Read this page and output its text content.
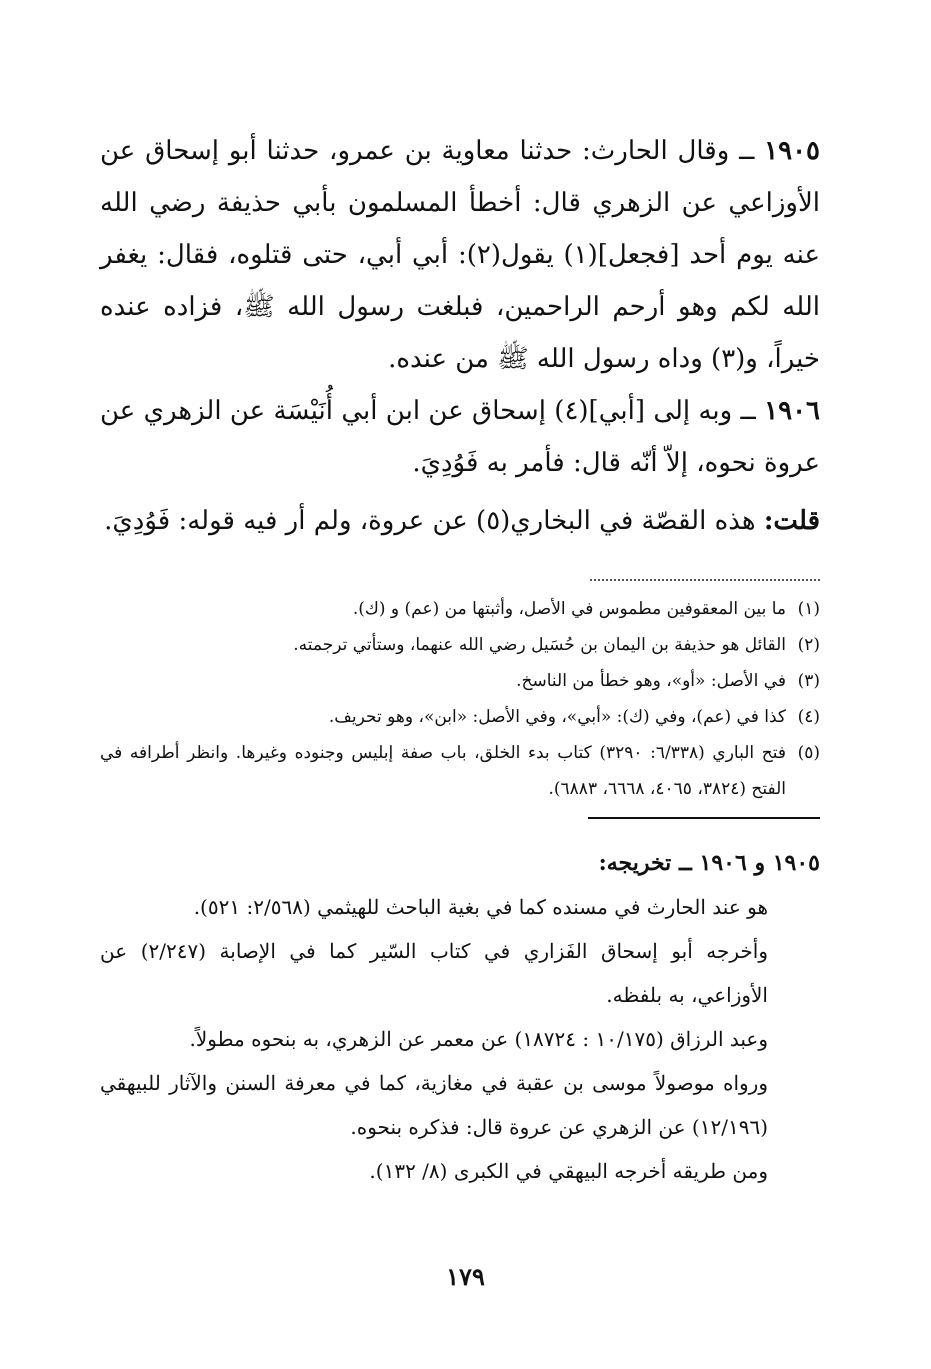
١٩٠٥ ــ وقال الحارث: حدثنا معاوية بن عمرو، حدثنا أبو إسحاق عن الأوزاعي عن الزهري قال: أخطأ المسلمون بأبي حذيفة رضي الله عنه يوم أحد [فجعل](١) يقول(٢): أبي أبي، حتى قتلوه، فقال: يغفر الله لكم وهو أرحم الراحمين، فبلغت رسول الله ﷺ، فزاده عنده خيراً، و(٣) وداه رسول الله ﷺ من عنده.

١٩٠٦ ــ وبه إلى [أبي](٤) إسحاق عن ابن أبي أُنَيْسَة عن الزهري عن عروة نحوه، إلاّ أنّه قال: فأمر به فَوُدِيَ.

قلت: هذه القصّة في البخاري(٥) عن عروة، ولم أر فيه قوله: فَوُدِيَ.

(١)
ما بين المعقوفين مطموس في الأصل، وأثبتها من (عم) و (ك).
(٢)
القائل هو حذيفة بن اليمان بن حُسَيل رضي الله عنهما، وستأتي ترجمته.
(٣)
في الأصل: «أو»، وهو خطأ من الناسخ.
(٤)
كذا في (عم)، وفي (ك): «أبي»، وفي الأصل: «ابن»، وهو تحريف.
(٥)
فتح الباري (٦/٣٣٨: ٣٢٩٠) كتاب بدء الخلق، باب صفة إبليس وجنوده وغيرها. وانظر أطرافه في الفتح (٣٨٢٤، ٤٠٦٥، ٦٦٦٨، ٦٨٨٣).
١٩٠٥ و ١٩٠٦ ــ تخريجه:

هو عند الحارث في مسنده كما في بغية الباحث للهيثمي (٢/٥٦٨: ٥٢١).

وأخرجه أبو إسحاق الفَزاري في كتاب السّير كما في الإصابة (٢/٢٤٧) عن الأوزاعي، به بلفظه.

وعبد الرزاق (١٠/١٧٥ : ١٨٧٢٤) عن معمر عن الزهري، به بنحوه مطولاً.

ورواه موصولاً موسى بن عقبة في مغازية، كما في معرفة السنن والآثار للبيهقي (١٢/١٩٦) عن الزهري عن عروة قال: فذكره بنحوه.

ومن طريقه أخرجه البيهقي في الكبرى (٨/ ١٣٢).

١٧٩
